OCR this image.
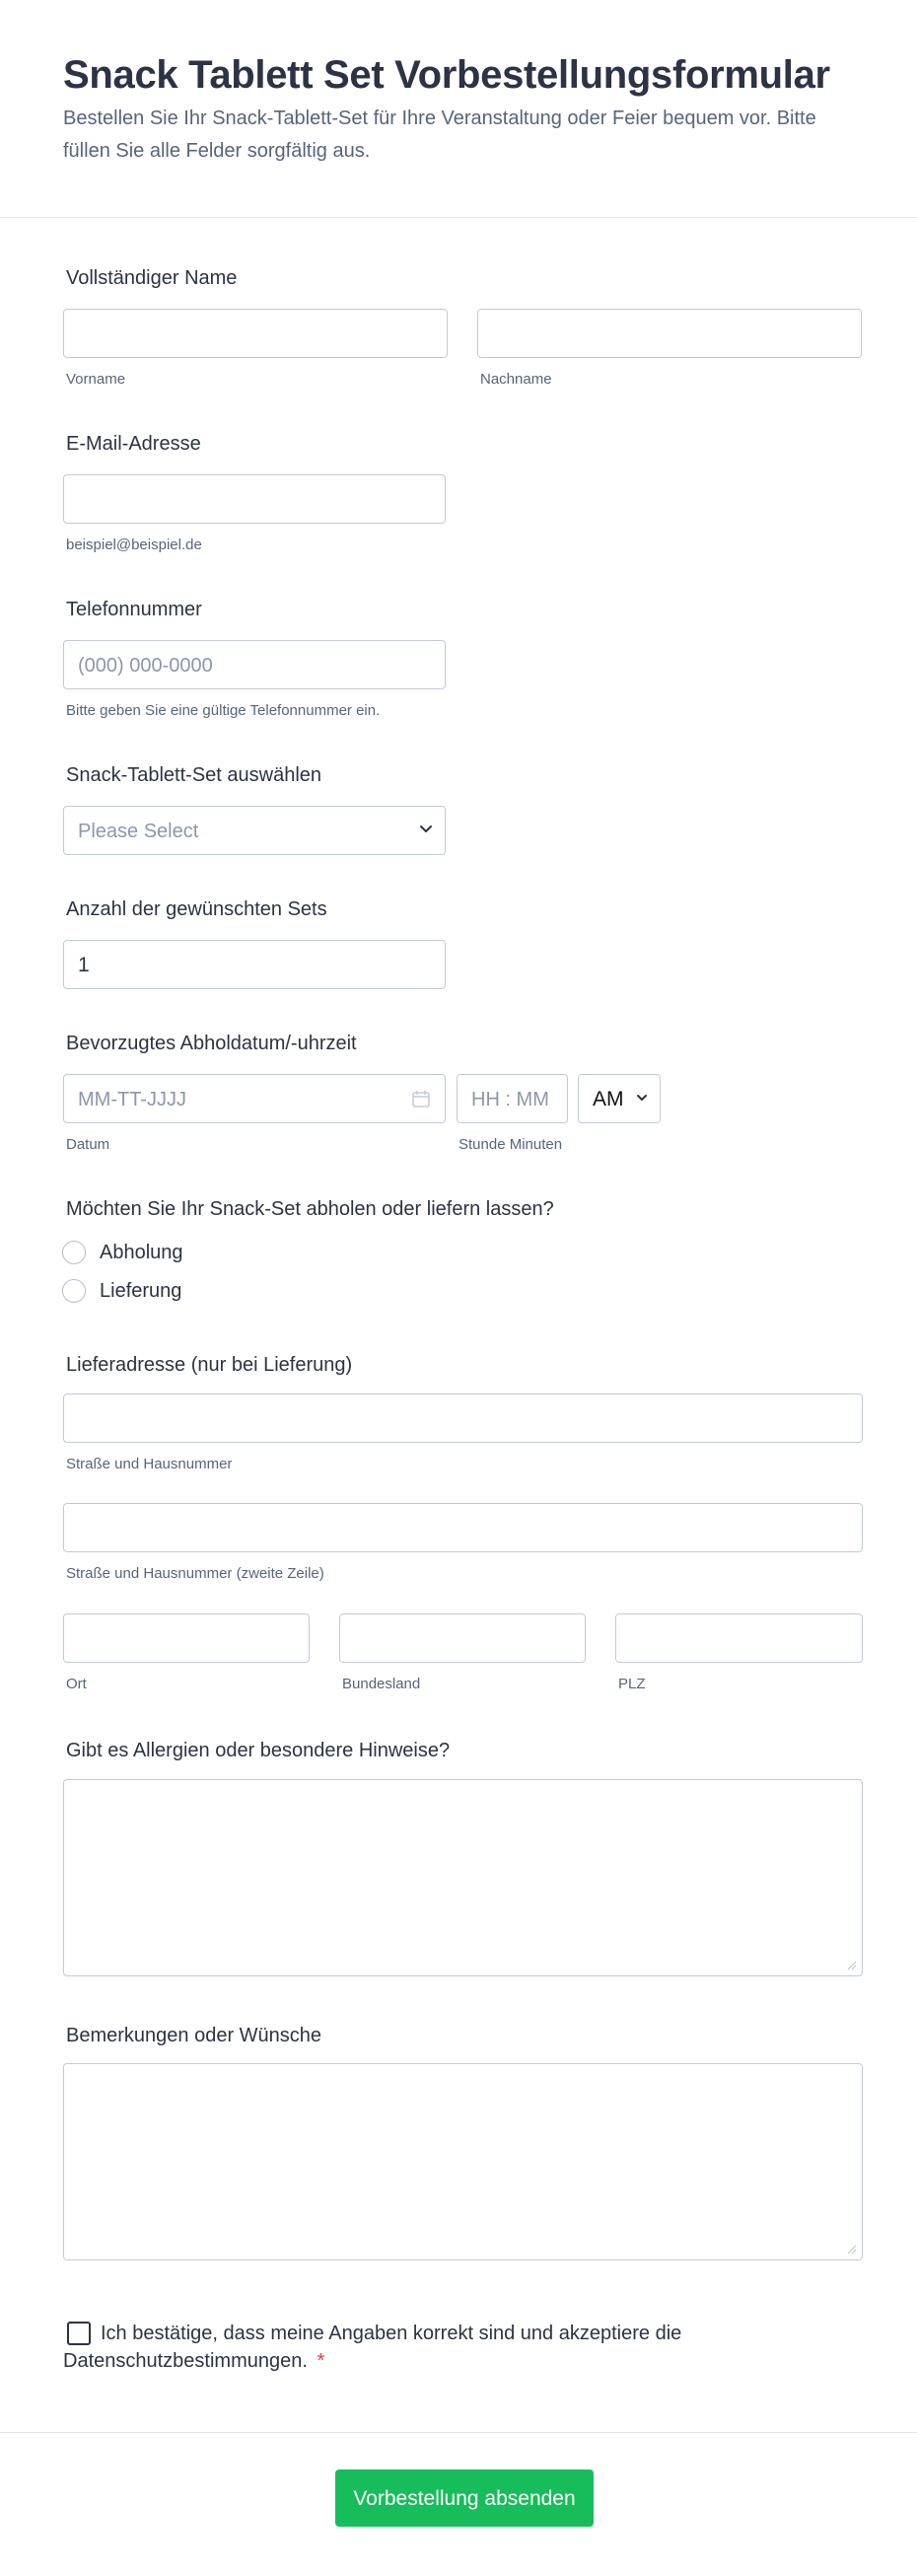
Snack Tablett Set Vorbestellungsformular
Bestellen Sie Ihr Snack-Tablett-Set für Ihre Veranstaltung oder Feier bequem vor. Bitte füllen Sie alle Felder sorgfältig aus.
Vollständiger Name
Vorname	Nachname
E-Mail-Adresse
beispiel@beispiel.de
Telefonnummer
(000) 000-0000
Bitte geben Sie eine gültige Telefonnummer ein.
Snack-Tablett-Set auswählen
Please Select
Anzahl der gewünschten Sets
1
Bevorzugtes Abholdatum/-uhrzeit
MM-TT-JJJJ	HH : MM AM
Datum	Stunde Minuten
Möchten Sie Ihr Snack-Set abholen oder liefern lassen?
Abholung
Lieferung
Lieferadresse (nur bei Lieferung)
Straße und Hausnummer
Straße und Hausnummer (zweite Zeile)
Ort	Bundesland	PLZ
Gibt es Allergien oder besondere Hinweise?
Bemerkungen oder Wünsche
Ich bestätige, dass meine Angaben korrekt sind und akzeptiere die Datenschutzbestimmungen. *
Vorbestellung absenden
